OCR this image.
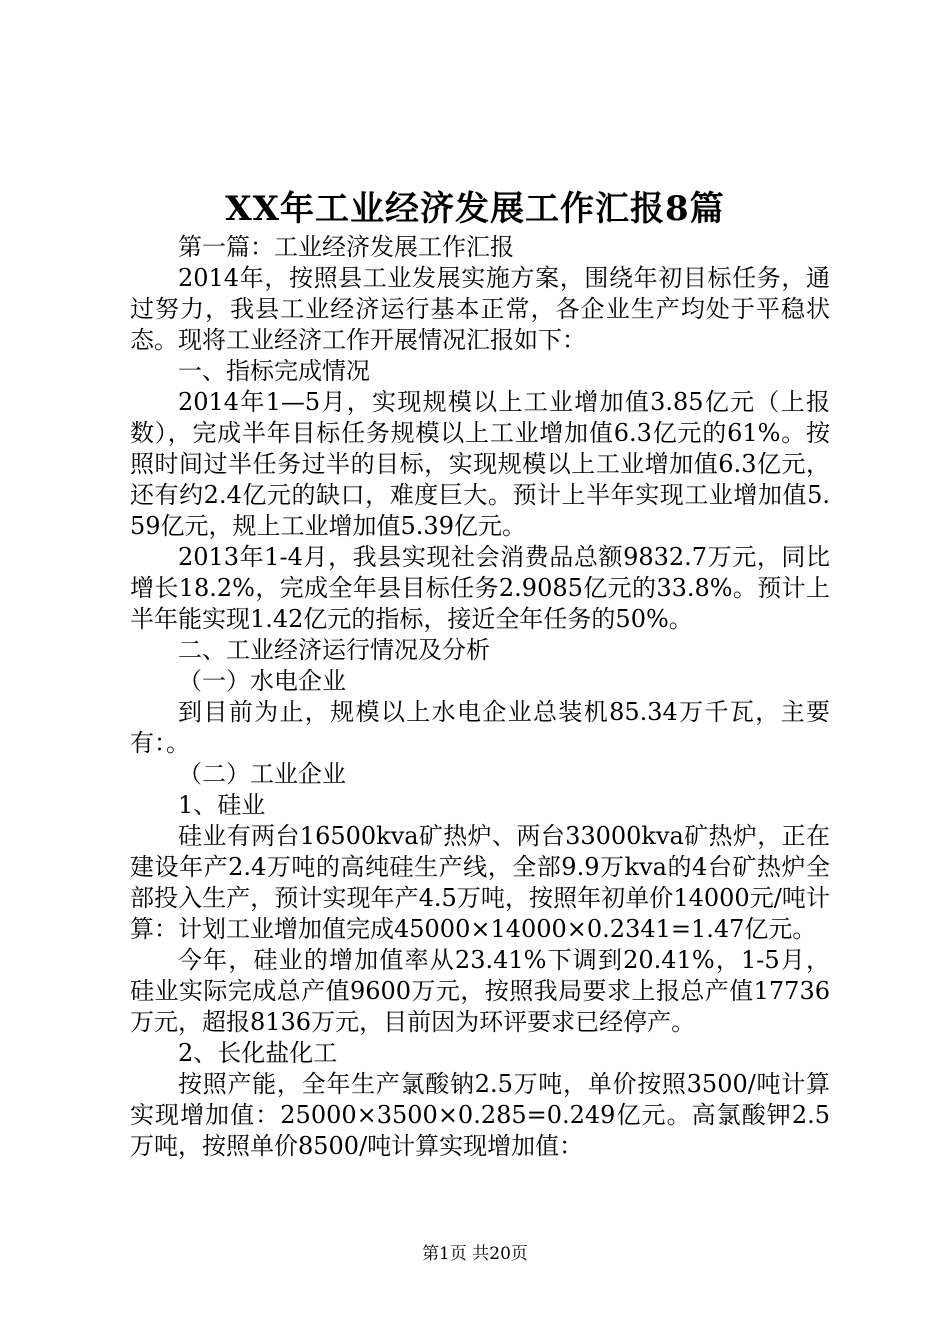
XX年工业经济发展工作汇报8篇

第一篇：工业经济发展工作汇报

2014年，按照县工业发展实施方案，围绕年初目标任务，通过努力，我县工业经济运行基本正常，各企业生产均处于平稳状态。现将工业经济工作开展情况汇报如下：

一、指标完成情况

2014年1—5月，实现规模以上工业增加值3.85亿元（上报数），完成半年目标任务规模以上工业增加值6.3亿元的61%。按照时间过半任务过半的目标，实现规模以上工业增加值6.3亿元，还有约2.4亿元的缺口，难度巨大。预计上半年实现工业增加值5.59亿元，规上工业增加值5.39亿元。

2013年1-4月，我县实现社会消费品总额9832.7万元，同比增长18.2%，完成全年县目标任务2.9085亿元的33.8%。预计上半年能实现1.42亿元的指标，接近全年任务的50%。

二、工业经济运行情况及分析

（一）水电企业

到目前为止，规模以上水电企业总装机85.34万千瓦，主要有：。

（二）工业企业

1、硅业

硅业有两台16500kva矿热炉、两台33000kva矿热炉，正在建设年产2.4万吨的高纯硅生产线，全部9.9万kva的4台矿热炉全部投入生产，预计实现年产4.5万吨，按照年初单价14000元/吨计算：计划工业增加值完成45000×14000×0.2341=1.47亿元。

今年，硅业的增加值率从23.41%下调到20.41%，1-5月，硅业实际完成总产值9600万元，按照我局要求上报总产值17736万元，超报8136万元，目前因为环评要求已经停产。

2、长化盐化工

按照产能，全年生产氯酸钠2.5万吨，单价按照3500/吨计算实现增加值：25000×3500×0.285=0.249亿元。高氯酸钾2.5万吨，按照单价8500/吨计算实现增加值：

第1页 共20页
